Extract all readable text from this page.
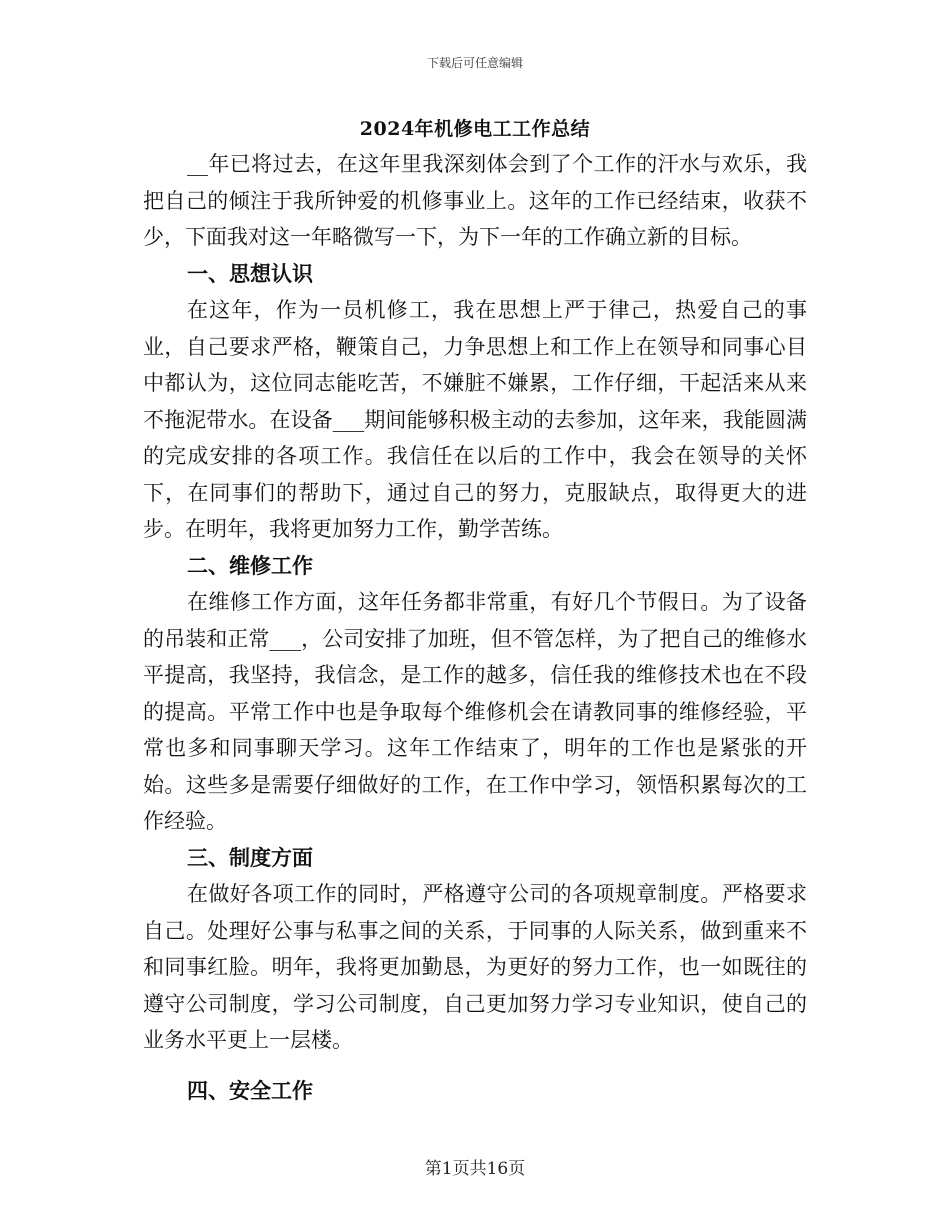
下载后可任意编辑
2024年机修电工工作总结

__年已将过去，在这年里我深刻体会到了个工作的汗水与欢乐，我把自己的倾注于我所钟爱的机修事业上。这年的工作已经结束，收获不少，下面我对这一年略微写一下，为下一年的工作确立新的目标。

一、思想认识

在这年，作为一员机修工，我在思想上严于律己，热爱自己的事业，自己要求严格，鞭策自己，力争思想上和工作上在领导和同事心目中都认为，这位同志能吃苦，不嫌脏不嫌累，工作仔细，干起活来从来不拖泥带水。在设备___期间能够积极主动的去参加，这年来，我能圆满的完成安排的各项工作。我信任在以后的工作中，我会在领导的关怀下，在同事们的帮助下，通过自己的努力，克服缺点，取得更大的进步。在明年，我将更加努力工作，勤学苦练。

二、维修工作

在维修工作方面，这年任务都非常重，有好几个节假日。为了设备的吊装和正常___，公司安排了加班，但不管怎样，为了把自己的维修水平提高，我坚持，我信念，是工作的越多，信任我的维修技术也在不段的提高。平常工作中也是争取每个维修机会在请教同事的维修经验，平常也多和同事聊天学习。这年工作结束了，明年的工作也是紧张的开始。这些多是需要仔细做好的工作，在工作中学习，领悟积累每次的工作经验。

三、制度方面

在做好各项工作的同时，严格遵守公司的各项规章制度。严格要求自己。处理好公事与私事之间的关系，于同事的人际关系，做到重来不和同事红脸。明年，我将更加勤恳，为更好的努力工作，也一如既往的遵守公司制度，学习公司制度，自己更加努力学习专业知识，使自己的业务水平更上一层楼。

四、安全工作

第1页共16页
